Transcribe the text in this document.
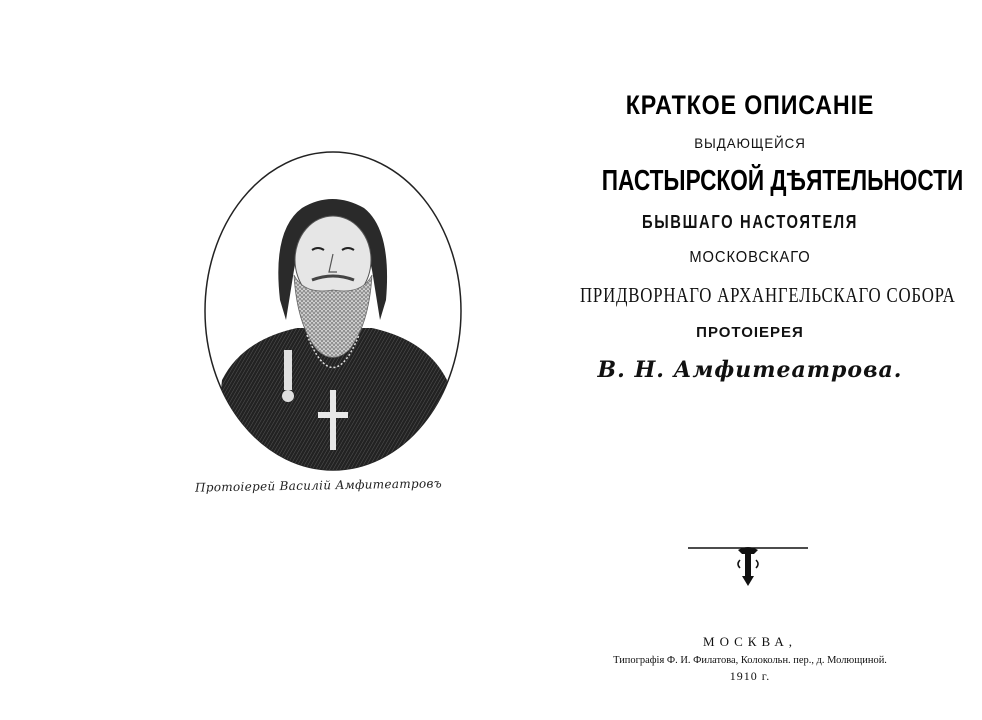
Протоiерей Василiй Амфитеатровъ
КРАТКОЕ ОПИСАНIЕ
ВЫДАЮЩЕЙСЯ
ПАСТЫРСКОЙ ДѢЯТЕЛЬНОСТИ
БЫВШАГО НАСТОЯТЕЛЯ
МОСКОВСКАГО
ПРИДВОРНАГО АРХАНГЕЛЬСКАГО СОБОРА
ПРОТОIЕРЕЯ
В. Н. Амфитеатрова.
МОСКВА,
Типографiя Ф. И. Филатова, Колокольн. пер., д. Молющиной.
1910 г.
